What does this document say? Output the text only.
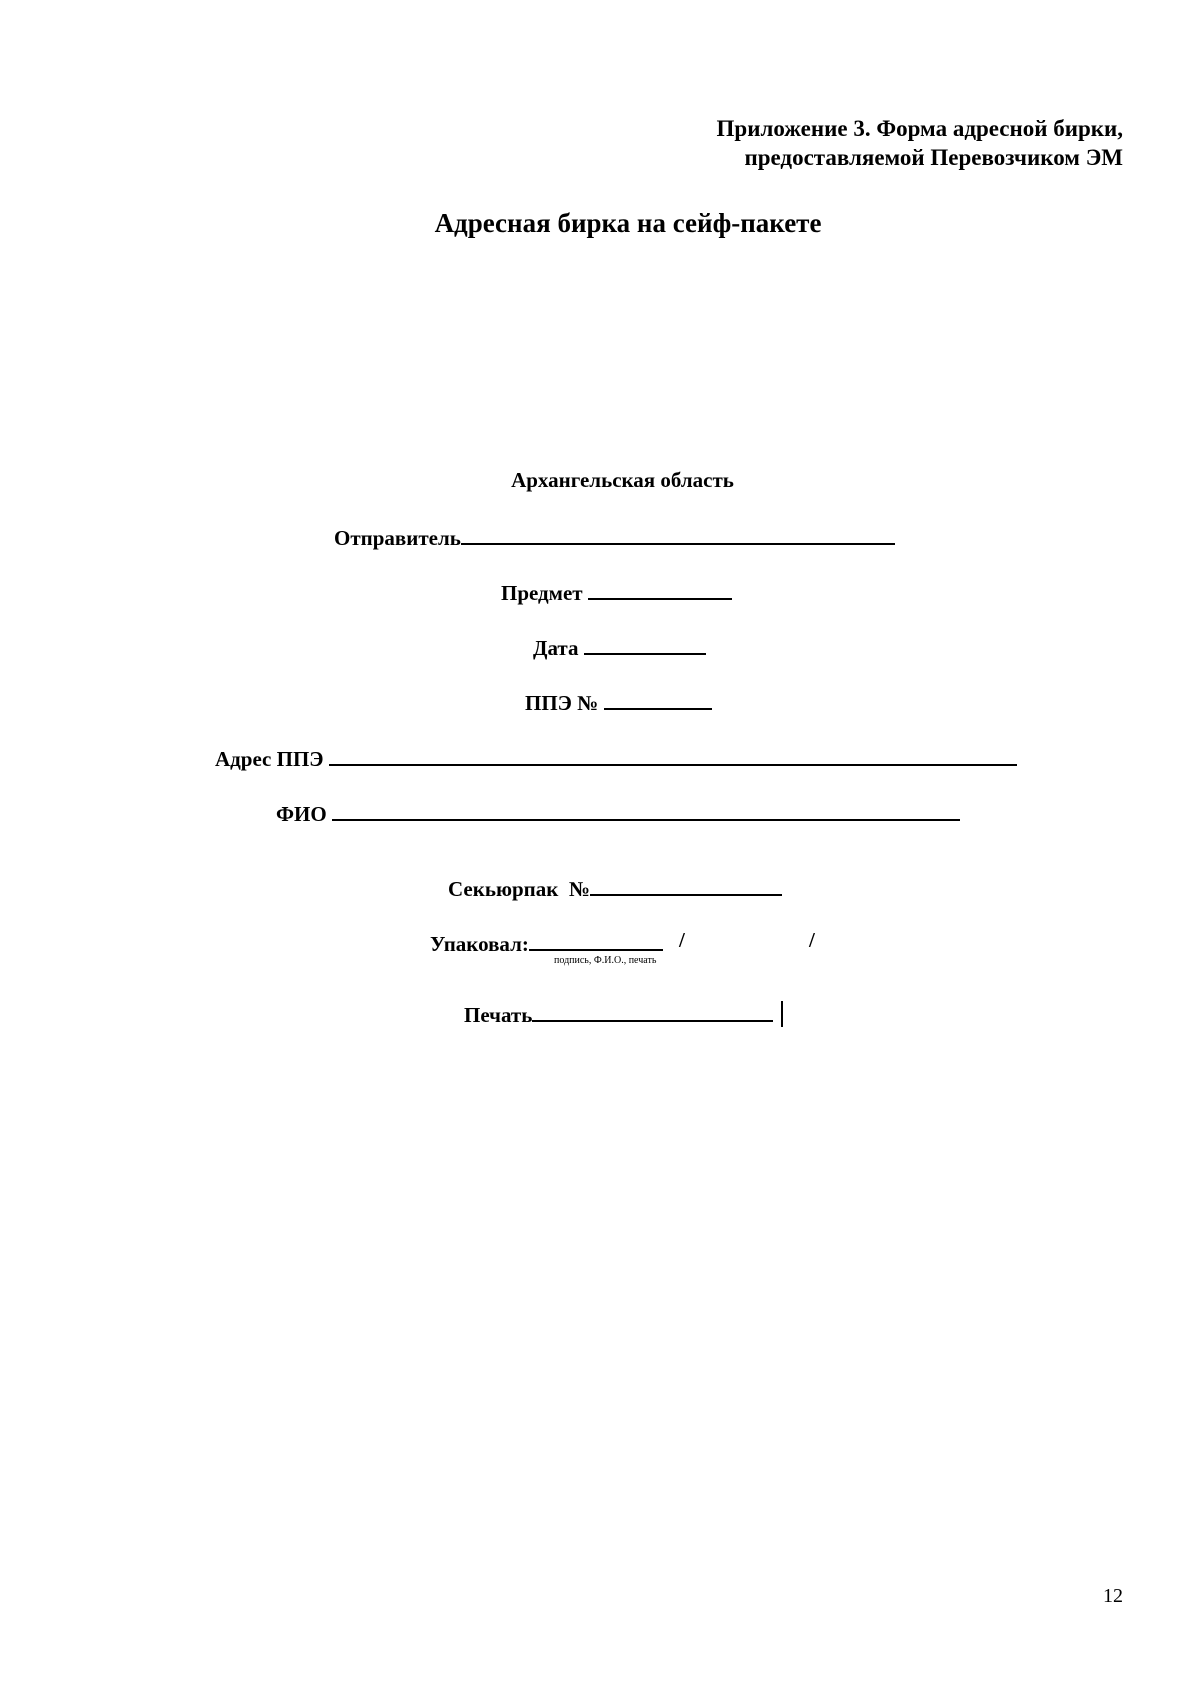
Приложение 3. Форма адресной бирки,
предоставляемой Перевозчиком ЭМ
Адресная бирка на сейф-пакете
Архангельская область
Отправитель
Предмет
Дата
ППЭ №
Адрес ППЭ
ФИО
Секьюрпак  №
Упаковал:	/	/
подпись, Ф.И.О., печать
Печать
12
